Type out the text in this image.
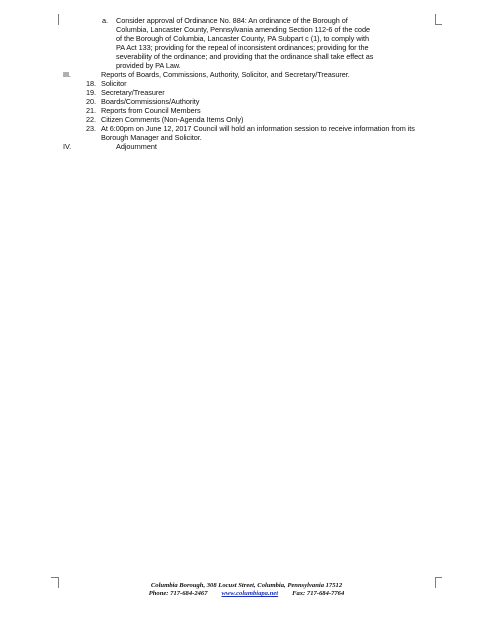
a. Consider approval of Ordinance No. 884: An ordinance of the Borough of
Columbia, Lancaster County, Pennsylvania amending Section 112-6 of the code
of the Borough of Columbia, Lancaster County, PA Subpart c (1), to comply with
PA Act 133; providing for the repeal of inconsistent ordinances; providing for the
severability of the ordinance; and providing that the ordinance shall take effect as
provided by PA Law.
III.	Reports of Boards, Commissions, Authority, Solicitor, and Secretary/Treasurer.
18. Solicitor
19. Secretary/Treasurer
20. Boards/Commissions/Authority
21. Reports from Council Members
22. Citizen Comments (Non-Agenda Items Only)
23. At 6:00pm on June 12, 2017 Council will hold an information session to receive information from its
Borough Manager and Solicitor.
IV.	Adjournment
Columbia Borough, 308 Locust Street, Columbia, Pennsylvania 17512
Phone: 717-684-2467 www.columbiapa.net Fax: 717-684-7764
